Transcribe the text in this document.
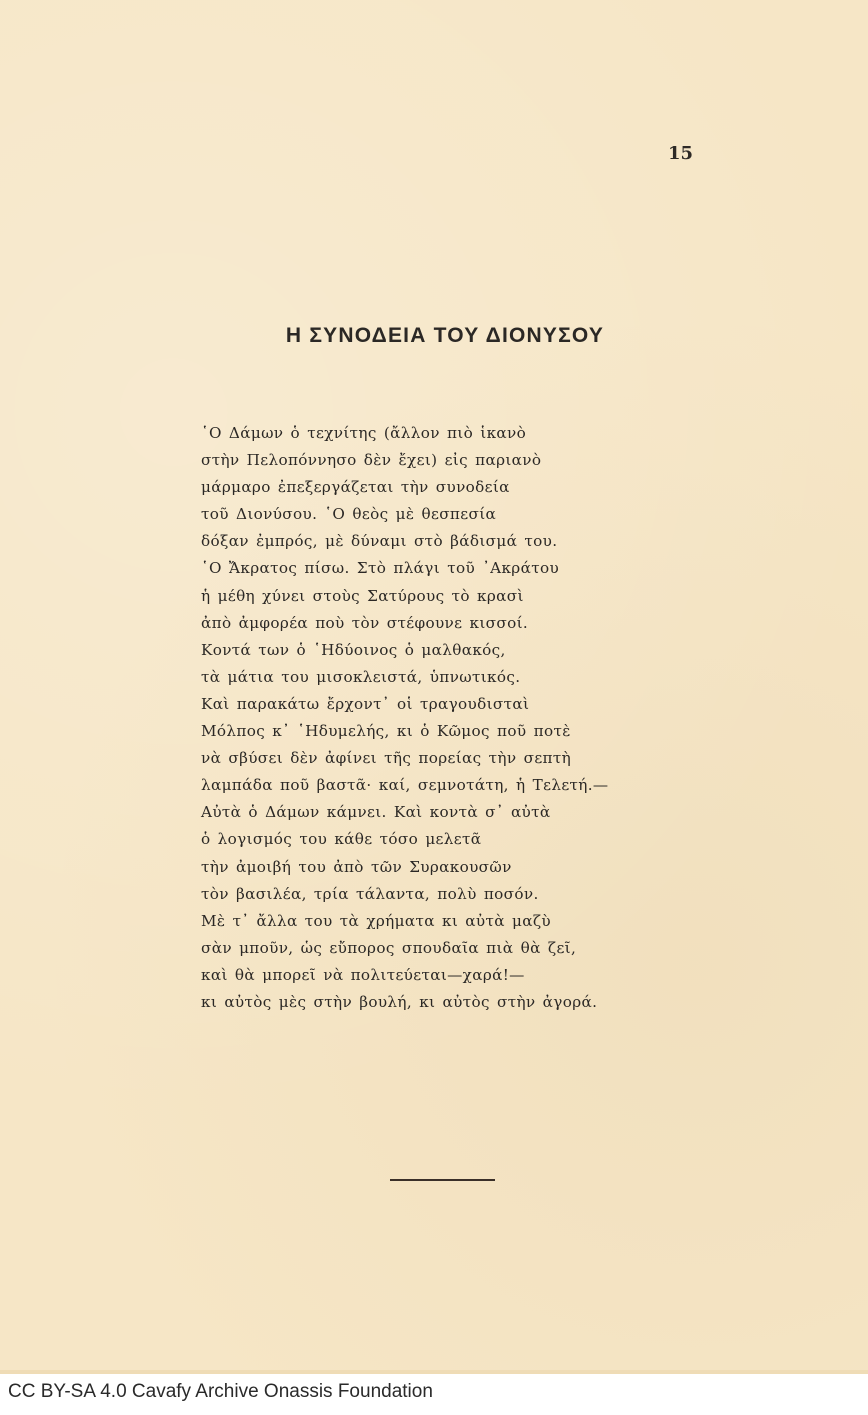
15
Η ΣΥΝΟΔΕΙΑ ΤΟΥ ΔΙΟΝΥΣΟΥ
῾Ο Δάμων ὁ τεχνίτης (ἄλλον πιὸ ἱκανὸ
στὴν Πελοπόννησο δὲν ἔχει) εἰς παριανὸ
μάρμαρο ἐπεξεργάζεται τὴν συνοδεία
τοῦ Διονύσου. ῾Ο θεὸς μὲ θεσπεσία
δόξαν ἐμπρός, μὲ δύναμι στὸ βάδισμά του.
῾Ο Ἄκρατος πίσω. Στὸ πλάγι τοῦ ᾿Ακράτου
ἡ μέθη χύνει στοὺς Σατύρους τὸ κρασὶ
ἀπὸ ἀμφορέα ποὺ τὸν στέφουνε κισσοί.
Κοντά των ὁ ῾Ηδύοινος ὁ μαλθακός,
τὰ μάτια του μισοκλειστά, ὑπνωτικός.
Καὶ παρακάτω ἔρχοντ᾿ οἱ τραγουδισταὶ
Μόλπος κ᾿ ῾Ηδυμελής, κι ὁ Κῶμος ποῦ ποτὲ
νὰ σβύσει δὲν ἀφίνει τῆς πορείας τὴν σεπτὴ
λαμπάδα ποῦ βαστᾶ· καί, σεμνοτάτη, ἡ Τελετή.—
Αὐτὰ ὁ Δάμων κάμνει. Καὶ κοντὰ σ᾿ αὐτὰ
ὁ λογισμός του κάθε τόσο μελετᾶ
τὴν ἀμοιβή του ἀπὸ τῶν Συρακουσῶν
τὸν βασιλέα, τρία τάλαντα, πολὺ ποσόν.
Μὲ τ᾿ ἄλλα του τὰ χρήματα κι αὐτὰ μαζὺ
σὰν μποῦν, ὡς εὔπορος σπουδαῖα πιὰ θὰ ζεῖ,
καὶ θὰ μπορεῖ νὰ πολιτεύεται—χαρά!—
κι αὐτὸς μὲς στὴν βουλή, κι αὐτὸς στὴν ἀγορά.
CC BY-SA 4.0 Cavafy Archive Onassis Foundation
